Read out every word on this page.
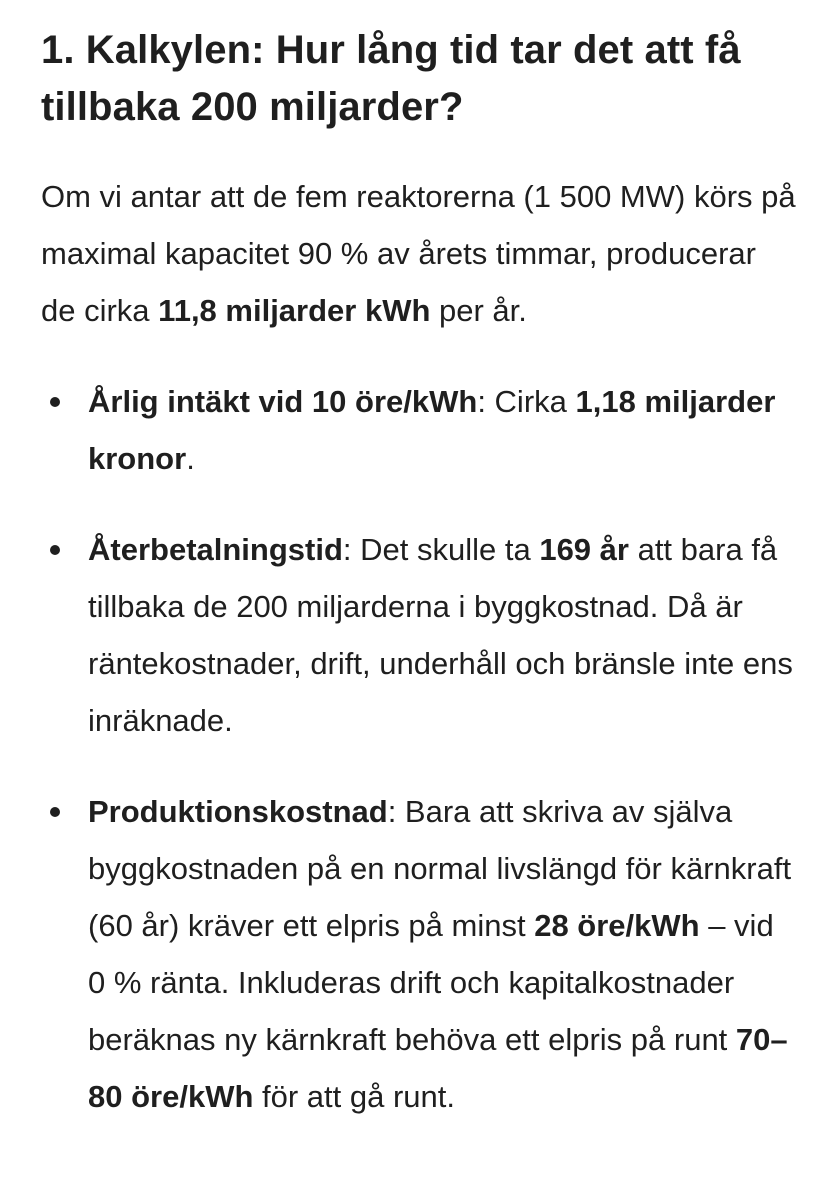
1. Kalkylen: Hur lång tid tar det att få tillbaka 200 miljarder?

Om vi antar att de fem reaktorerna (1 500 MW) körs på maximal kapacitet 90 % av årets timmar, producerar de cirka 11,8 miljarder kWh per år.

Årlig intäkt vid 10 öre/kWh: Cirka 1,18 miljarder kronor.
Återbetalningstid: Det skulle ta 169 år att bara få tillbaka de 200 miljarderna i byggkostnad. Då är räntekostnader, drift, underhåll och bränsle inte ens inräknade.
Produktionskostnad: Bara att skriva av själva byggkostnaden på en normal livslängd för kärnkraft (60 år) kräver ett elpris på minst 28 öre/kWh – vid 0 % ränta. Inkluderas drift och kapitalkostnader beräknas ny kärnkraft behöva ett elpris på runt 70–80 öre/kWh för att gå runt.
